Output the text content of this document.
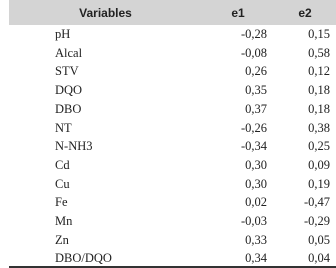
Variables	e1	e2
pH	-0,28	0,15
Alcal	-0,08	0,58
STV	0,26	0,12
DQO	0,35	0,18
DBO	0,37	0,18
NT	-0,26	0,38
N-NH3	-0,34	0,25
Cd	0,30	0,09
Cu	0,30	0,19
Fe	0,02	-0,47
Mn	-0,03	-0,29
Zn	0,33	0,05
DBO/DQO	0,34	0,04
